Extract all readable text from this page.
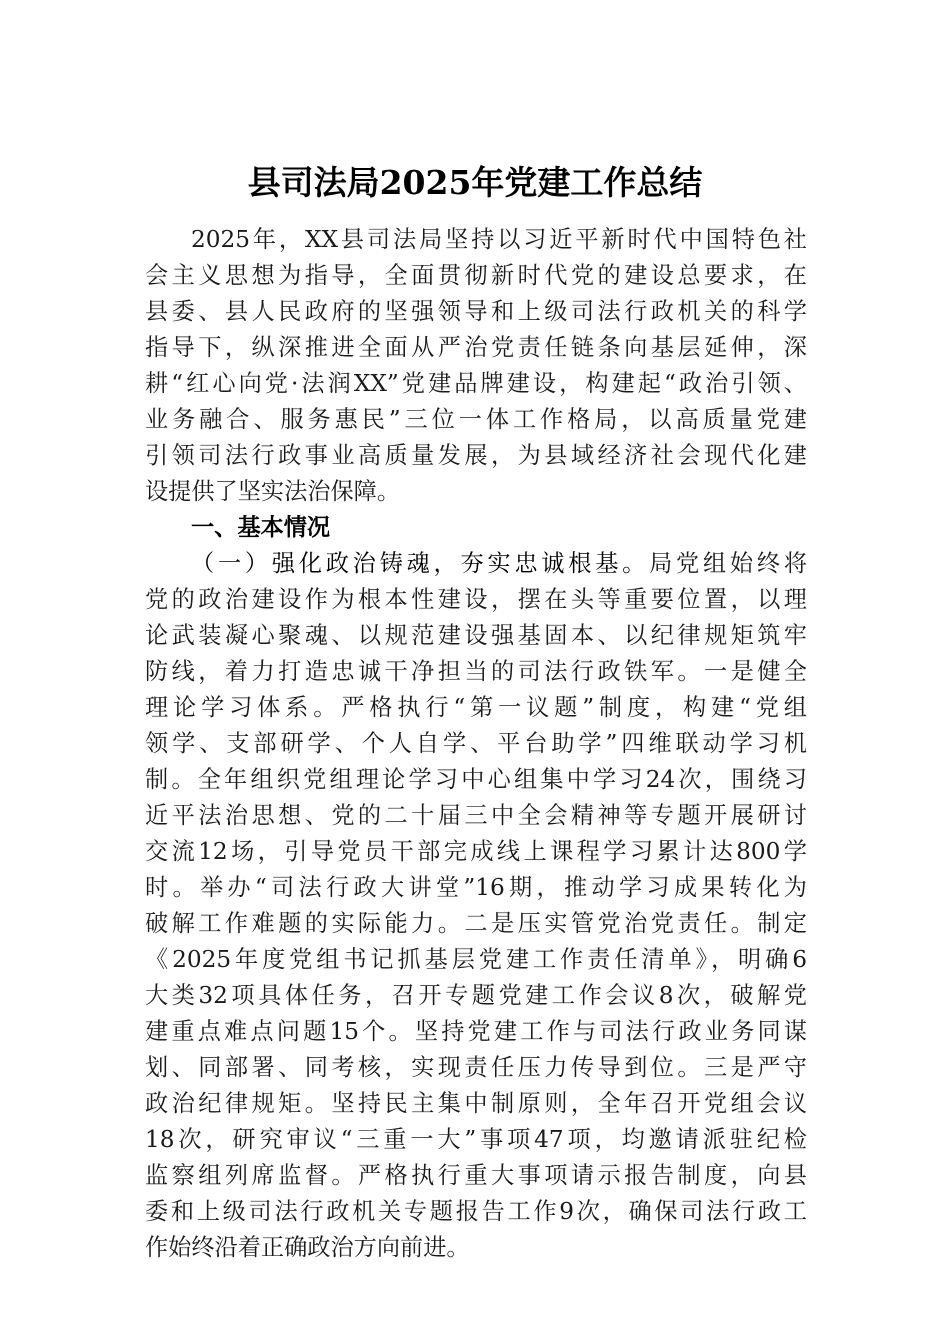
县司法局2025年党建工作总结
2025年，XX县司法局坚持以习近平新时代中国特色社
会主义思想为指导，全面贯彻新时代党的建设总要求，在
县委、县人民政府的坚强领导和上级司法行政机关的科学
指导下，纵深推进全面从严治党责任链条向基层延伸，深
耕“红心向党·法润XX”党建品牌建设，构建起“政治引领、
业务融合、服务惠民”三位一体工作格局，以高质量党建
引领司法行政事业高质量发展，为县域经济社会现代化建
设提供了坚实法治保障。
一、基本情况
（一）强化政治铸魂，夯实忠诚根基。局党组始终将
党的政治建设作为根本性建设，摆在头等重要位置，以理
论武装凝心聚魂、以规范建设强基固本、以纪律规矩筑牢
防线，着力打造忠诚干净担当的司法行政铁军。一是健全
理论学习体系。严格执行“第一议题”制度，构建“党组
领学、支部研学、个人自学、平台助学”四维联动学习机
制。全年组织党组理论学习中心组集中学习24次，围绕习
近平法治思想、党的二十届三中全会精神等专题开展研讨
交流12场，引导党员干部完成线上课程学习累计达800学
时。举办“司法行政大讲堂”16期，推动学习成果转化为
破解工作难题的实际能力。二是压实管党治党责任。制定
《2025年度党组书记抓基层党建工作责任清单》，明确6
大类32项具体任务，召开专题党建工作会议8次，破解党
建重点难点问题15个。坚持党建工作与司法行政业务同谋
划、同部署、同考核，实现责任压力传导到位。三是严守
政治纪律规矩。坚持民主集中制原则，全年召开党组会议
18次，研究审议“三重一大”事项47项，均邀请派驻纪检
监察组列席监督。严格执行重大事项请示报告制度，向县
委和上级司法行政机关专题报告工作9次，确保司法行政工
作始终沿着正确政治方向前进。
